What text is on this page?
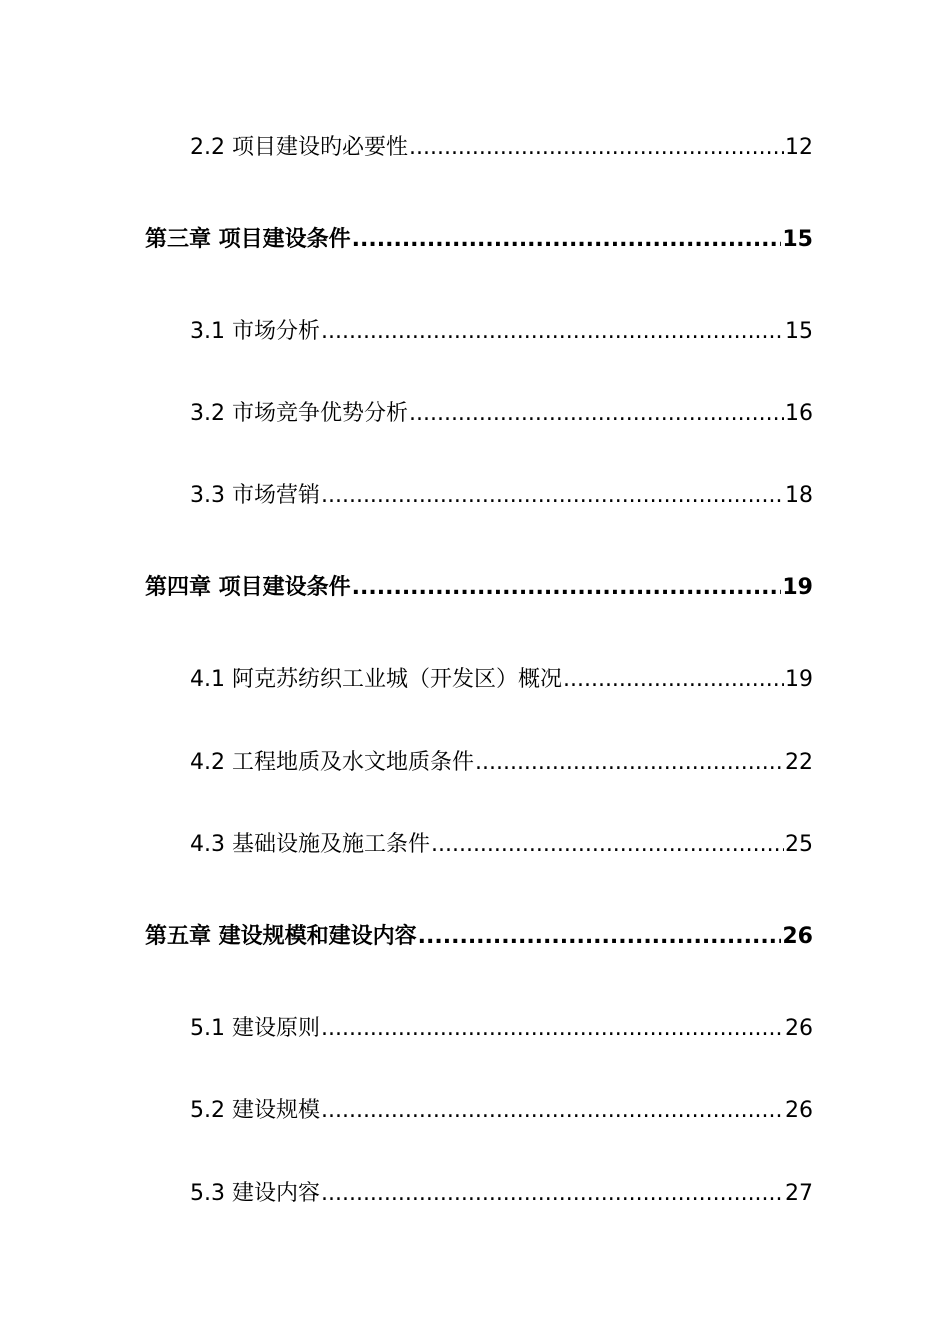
2.2 项目建设旳必要性 .....	12
第三章 项目建设条件 .....	15
3.1 市场分析 .....	15
3.2 市场竞争优势分析 .....	16
3.3 市场营销 .....	18
第四章 项目建设条件 .....	19
4.1 阿克苏纺织工业城（开发区）概况 .....	19
4.2 工程地质及水文地质条件 .....	22
4.3 基础设施及施工条件 .....	25
第五章 建设规模和建设内容 .....	26
5.1 建设原则 .....	26
5.2 建设规模 .....	26
5.3 建设内容 .....	27
